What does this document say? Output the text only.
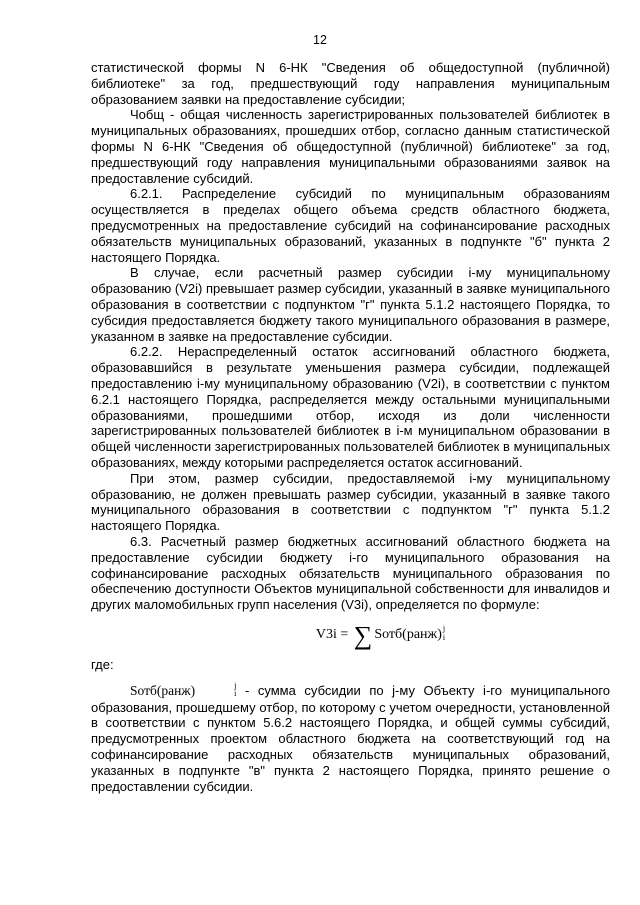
12

статистической формы N 6-НК "Сведения об общедоступной (публичной) библиотеке" за год, предшествующий году направления муниципальным образованием заявки на предоставление субсидии;

Чобщ - общая численность зарегистрированных пользователей библиотек в муниципальных образованиях, прошедших отбор, согласно данным статистической формы N 6-НК "Сведения об общедоступной (публичной) библиотеке" за год, предшествующий году направления муниципальными образованиями заявок на предоставление субсидий.

6.2.1. Распределение субсидий по муниципальным образованиям осуществляется в пределах общего объема средств областного бюджета, предусмотренных на предоставление субсидий на софинансирование расходных обязательств муниципальных образований, указанных в подпункте "б" пункта 2 настоящего Порядка.

В случае, если расчетный размер субсидии i-му муниципальному образованию (V2i) превышает размер субсидии, указанный в заявке муниципального образования в соответствии с подпунктом "г" пункта 5.1.2 настоящего Порядка, то субсидия предоставляется бюджету такого муниципального образования в размере, указанном в заявке на предоставление субсидии.

6.2.2. Нераспределенный остаток ассигнований областного бюджета, образовавшийся в результате уменьшения размера субсидии, подлежащей предоставлению i-му муниципальному образованию (V2i), в соответствии с пунктом 6.2.1 настоящего Порядка, распределяется между остальными муниципальными образованиями, прошедшими отбор, исходя из доли численности зарегистрированных пользователей библиотек в i-м муниципальном образовании в общей численности зарегистрированных пользователей библиотек в муниципальных образованиях, между которыми распределяется остаток ассигнований.

При этом, размер субсидии, предоставляемой i-му муниципальному образованию, не должен превышать размер субсидии, указанный в заявке такого муниципального образования в соответствии с подпунктом "г" пункта 5.1.2 настоящего Порядка.

6.3. Расчетный размер бюджетных ассигнований областного бюджета на предоставление субсидии бюджету i-го муниципального образования на софинансирование расходных обязательств муниципального образования по обеспечению доступности Объектов муниципальной собственности для инвалидов и других маломобильных групп населения (V3i), определяется по формуле:

V3i
=
∑ Sотб(ранж) j
i

где:

Sотб(ранж)	j
i - сумма субсидии по j-му Объекту i-го муниципального образования, прошедшему отбор, по которому с учетом очередности, установленной в соответствии с пунктом 5.6.2 настоящего Порядка, и общей суммы субсидий, предусмотренных проектом областного бюджета на соответствующий год на софинансирование расходных обязательств муниципальных образований, указанных в подпункте "в" пункта 2 настоящего Порядка, принято решение о предоставлении субсидии.
